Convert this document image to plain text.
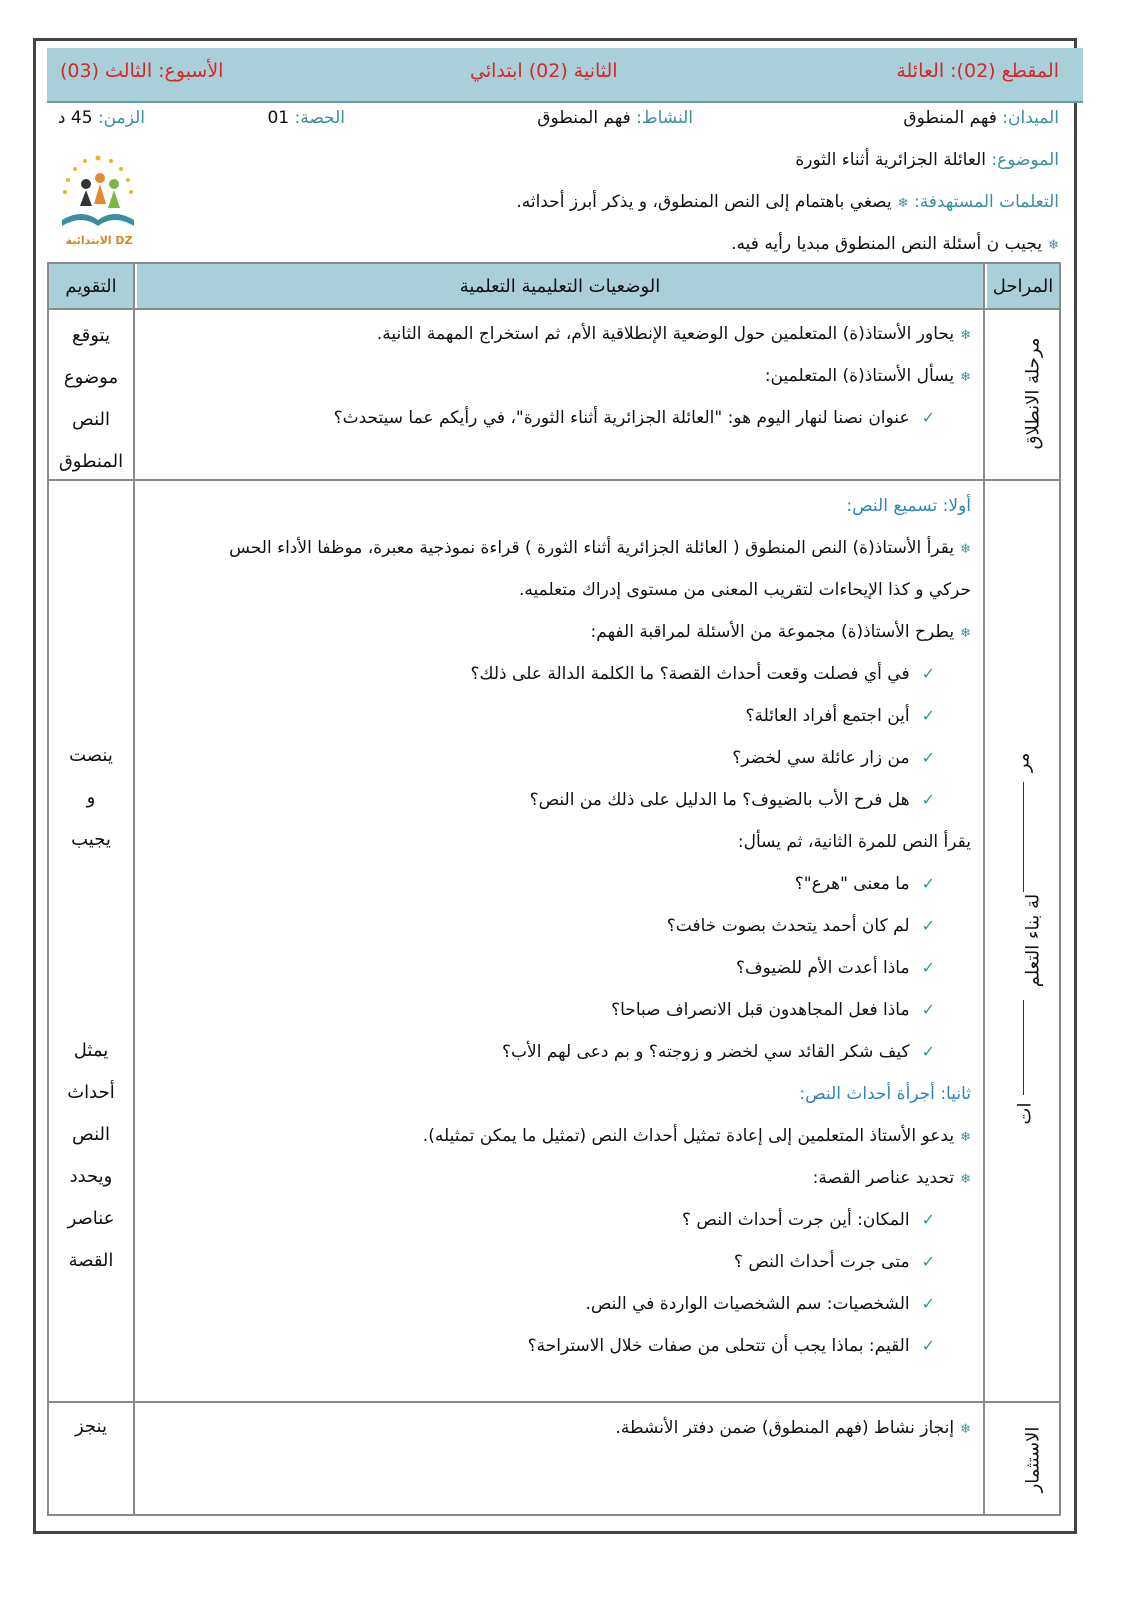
المقطع (02): العائلة
الثانية (02) ابتدائي
الأسبوع: الثالث (03)
الميدان: فهم المنطوق
النشاط: فهم المنطوق
الحصة: 01
الزمن: 45 د
الموضوع: العائلة الجزائرية أثناء الثورة
التعلمات المستهدفة: ❄يصغي باهتمام إلى النص المنطوق، و يذكر أبرز أحداثه.
❄يجيب ن أسئلة النص المنطوق مبديا رأيه فيه.
الابتدائية DZ
المراحل
الوضعيات التعليمية التعلمية
التقويم
مرحلة الانطلاق
❄يحاور الأستاذ(ة) المتعلمين حول الوضعية الإنطلاقية الأم، ثم استخراج المهمة الثانية.
❄يسأل الأستاذ(ة) المتعلمين:
✓عنوان نصنا لنهار اليوم هو: "العائلة الجزائرية أثناء الثورة"، في رأيكم عما سيتحدث؟
يتوقع
موضوع
النص
المنطوق
مر
لة بناء التعلم
ات
أولا: تسميع النص:
❄يقرأ الأستاذ(ة) النص المنطوق ( العائلة الجزائرية أثناء الثورة ) قراءة نموذجية معبرة، موظفا الأداء الحس
حركي و كذا الإيحاءات لتقريب المعنى من مستوى إدراك متعلميه.
❄يطرح الأستاذ(ة) مجموعة من الأسئلة لمراقبة الفهم:
✓في أي فصلت وقعت أحداث القصة؟ ما الكلمة الدالة على ذلك؟
✓أين اجتمع أفراد العائلة؟
✓من زار عائلة سي لخضر؟
✓هل فرح الأب بالضيوف؟ ما الدليل على ذلك من النص؟
يقرأ النص للمرة الثانية، ثم يسأل:
✓ما معنى "هرع"؟
✓لم كان أحمد يتحدث بصوت خافت؟
✓ماذا أعدت الأم للضيوف؟
✓ماذا فعل المجاهدون قبل الانصراف صباحا؟
✓كيف شكر القائد سي لخضر و زوجته؟ و بم دعى لهم الأب؟
ثانيا: أجرأة أحداث النص:
❄يدعو الأستاذ المتعلمين إلى إعادة تمثيل أحداث النص (تمثيل ما يمكن تمثيله).
❄تحديد عناصر القصة:
✓المكان: أين جرت أحداث النص ؟
✓متى جرت أحداث النص ؟
✓الشخصيات: سم الشخصيات الواردة في النص.
✓القيم: بماذا يجب أن تتحلى من صفات خلال الاستراحة؟
ينصت
و
يجيب
يمثل
أحداث
النص
ويحدد
عناصر
القصة
الاستثمار
❄إنجاز نشاط (فهم المنطوق) ضمن دفتر الأنشطة.
ينجز
